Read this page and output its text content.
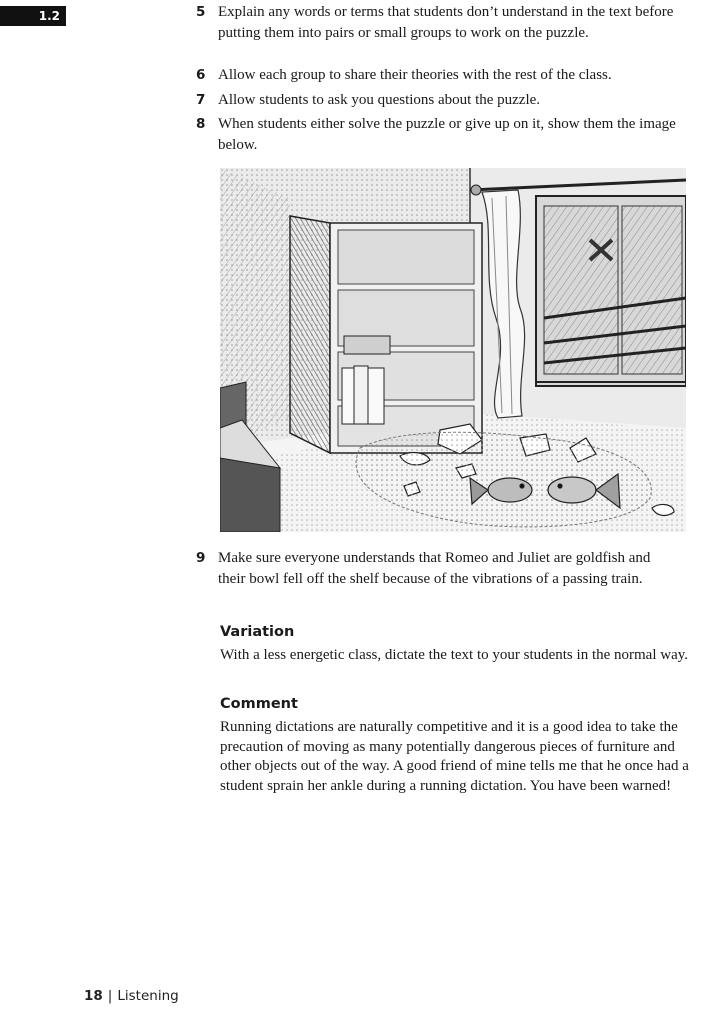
1.2	5 Explain any words or terms that students don’t understand in the text before putting them into pairs or small groups to work on the puzzle.
6 Allow each group to share their theories with the rest of the class.
7 Allow students to ask you questions about the puzzle.
8 When students either solve the puzzle or give up on it, show them the image below.
9 Make sure everyone understands that Romeo and Juliet are goldfish and their bowl fell off the shelf because of the vibrations of a passing train.
Variation
With a less energetic class, dictate the text to your students in the normal way.
Comment
Running dictations are naturally competitive and it is a good idea to take the precaution of moving as many potentially dangerous pieces of furniture and other objects out of the way. A good friend of mine tells me that he once had a student sprain her ankle during a running dictation. You have been warned!
18 | Listening
